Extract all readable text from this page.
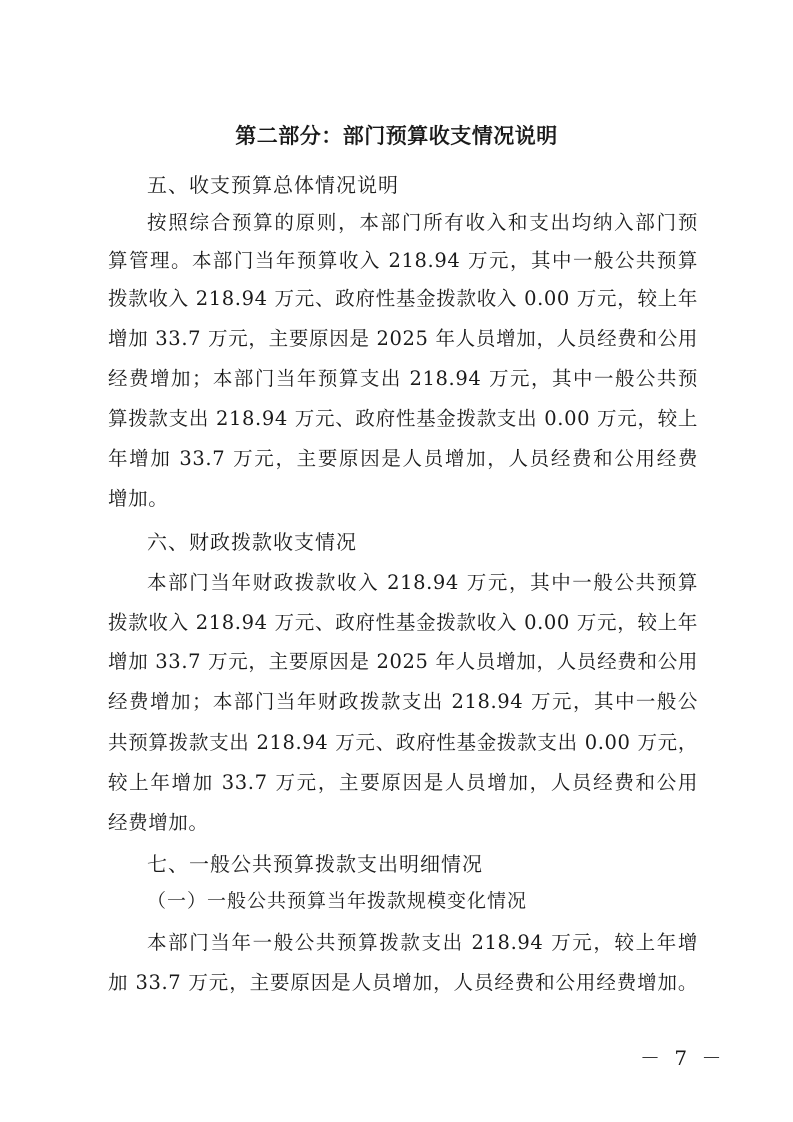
第二部分：部门预算收支情况说明
五、收支预算总体情况说明
按照综合预算的原则，本部门所有收入和支出均纳入部门预
算管理。本部门当年预算收入 218.94 万元，其中一般公共预算
拨款收入 218.94 万元、政府性基金拨款收入 0.00 万元，较上年
增加 33.7 万元，主要原因是 2025 年人员增加，人员经费和公用
经费增加；本部门当年预算支出 218.94 万元，其中一般公共预
算拨款支出 218.94 万元、政府性基金拨款支出 0.00 万元，较上
年增加 33.7 万元，主要原因是人员增加，人员经费和公用经费
增加。
六、财政拨款收支情况
本部门当年财政拨款收入 218.94 万元，其中一般公共预算
拨款收入 218.94 万元、政府性基金拨款收入 0.00 万元，较上年
增加 33.7 万元，主要原因是 2025 年人员增加，人员经费和公用
经费增加；本部门当年财政拨款支出 218.94 万元，其中一般公
共预算拨款支出 218.94 万元、政府性基金拨款支出 0.00 万元，
较上年增加 33.7 万元，主要原因是人员增加，人员经费和公用
经费增加。
七、一般公共预算拨款支出明细情况
（一）一般公共预算当年拨款规模变化情况
本部门当年一般公共预算拨款支出 218.94 万元，较上年增
加 33.7 万元，主要原因是人员增加，人员经费和公用经费增加。
－ 7 －
